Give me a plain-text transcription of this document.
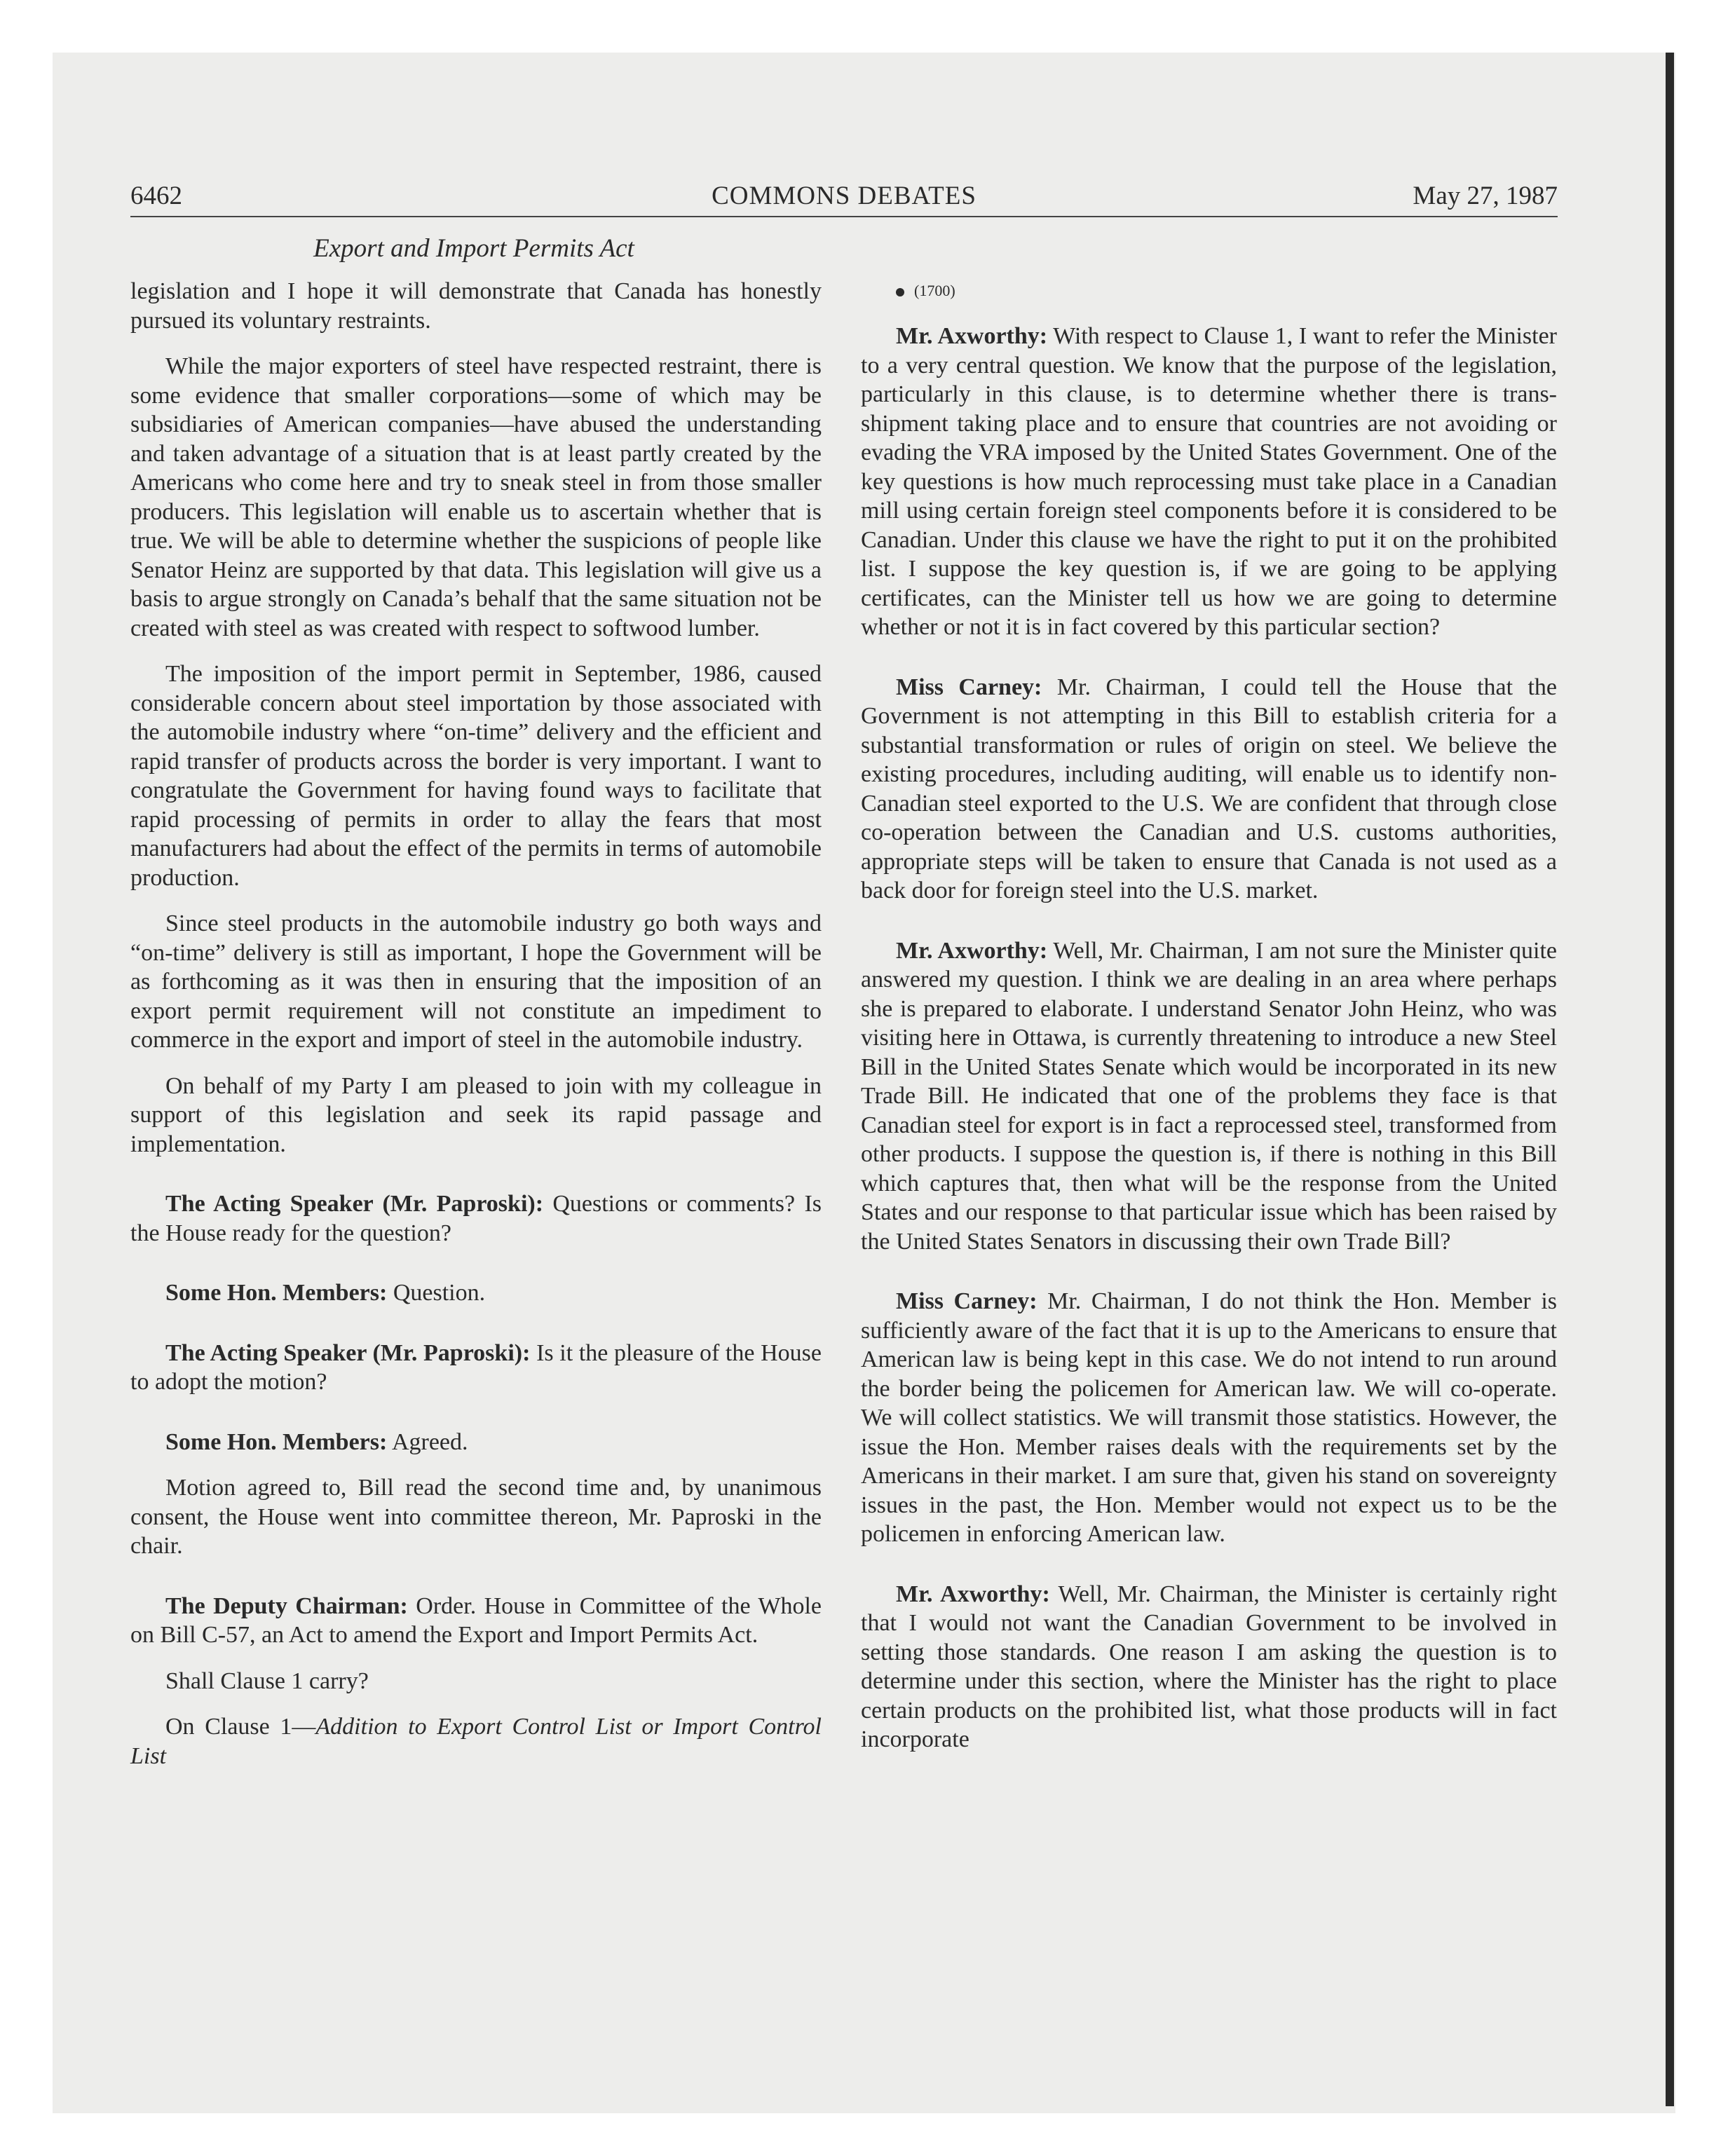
6462	COMMONS DEBATES	May 27, 1987
Export and Import Permits Act

legislation and I hope it will demonstrate that Canada has honestly pursued its voluntary restraints.

While the major exporters of steel have respected restraint, there is some evidence that smaller corporations—some of which may be subsidiaries of American companies—have abused the understanding and taken advantage of a situation that is at least partly created by the Americans who come here and try to sneak steel in from those smaller producers. This legislation will enable us to ascertain whether that is true. We will be able to determine whether the suspicions of people like Senator Heinz are supported by that data. This legislation will give us a basis to argue strongly on Canada’s behalf that the same situation not be created with steel as was created with respect to softwood lumber.

The imposition of the import permit in September, 1986, caused considerable concern about steel importation by those associated with the automobile industry where “on-time” delivery and the efficient and rapid transfer of products across the border is very important. I want to congratulate the Government for having found ways to facilitate that rapid processing of permits in order to allay the fears that most manufacturers had about the effect of the permits in terms of automobile production.

Since steel products in the automobile industry go both ways and “on-time” delivery is still as important, I hope the Government will be as forthcoming as it was then in ensuring that the imposition of an export permit requirement will not constitute an impediment to commerce in the export and import of steel in the automobile industry.

On behalf of my Party I am pleased to join with my colleague in support of this legislation and seek its rapid passage and implementation.

The Acting Speaker (Mr. Paproski): Questions or comments? Is the House ready for the question?

Some Hon. Members: Question.

The Acting Speaker (Mr. Paproski): Is it the pleasure of the House to adopt the motion?

Some Hon. Members: Agreed.

Motion agreed to, Bill read the second time and, by unanimous consent, the House went into committee thereon, Mr. Paproski in the chair.

The Deputy Chairman: Order. House in Committee of the Whole on Bill C-57, an Act to amend the Export and Import Permits Act.

Shall Clause 1 carry?

On Clause 1—Addition to Export Control List or Import Control List

(1700)

Mr. Axworthy: With respect to Clause 1, I want to refer the Minister to a very central question. We know that the purpose of the legislation, particularly in this clause, is to determine whether there is trans-shipment taking place and to ensure that countries are not avoiding or evading the VRA imposed by the United States Government. One of the key questions is how much reprocessing must take place in a Canadian mill using certain foreign steel components before it is considered to be Canadian. Under this clause we have the right to put it on the prohibited list. I suppose the key question is, if we are going to be applying certificates, can the Minister tell us how we are going to determine whether or not it is in fact covered by this particular section?

Miss Carney: Mr. Chairman, I could tell the House that the Government is not attempting in this Bill to establish criteria for a substantial transformation or rules of origin on steel. We believe the existing procedures, including auditing, will enable us to identify non-Canadian steel exported to the U.S. We are confident that through close co-operation between the Canadian and U.S. customs authorities, appropriate steps will be taken to ensure that Canada is not used as a back door for foreign steel into the U.S. market.

Mr. Axworthy: Well, Mr. Chairman, I am not sure the Minister quite answered my question. I think we are dealing in an area where perhaps she is prepared to elaborate. I understand Senator John Heinz, who was visiting here in Ottawa, is currently threatening to introduce a new Steel Bill in the United States Senate which would be incorporated in its new Trade Bill. He indicated that one of the problems they face is that Canadian steel for export is in fact a reprocessed steel, transformed from other products. I suppose the question is, if there is nothing in this Bill which captures that, then what will be the response from the United States and our response to that particular issue which has been raised by the United States Senators in discussing their own Trade Bill?

Miss Carney: Mr. Chairman, I do not think the Hon. Member is sufficiently aware of the fact that it is up to the Americans to ensure that American law is being kept in this case. We do not intend to run around the border being the policemen for American law. We will co-operate. We will collect statistics. We will transmit those statistics. However, the issue the Hon. Member raises deals with the requirements set by the Americans in their market. I am sure that, given his stand on sovereignty issues in the past, the Hon. Member would not expect us to be the policemen in enforcing American law.

Mr. Axworthy: Well, Mr. Chairman, the Minister is certainly right that I would not want the Canadian Government to be involved in setting those standards. One reason I am asking the question is to determine under this section, where the Minister has the right to place certain products on the prohibited list, what those products will in fact incorporate
